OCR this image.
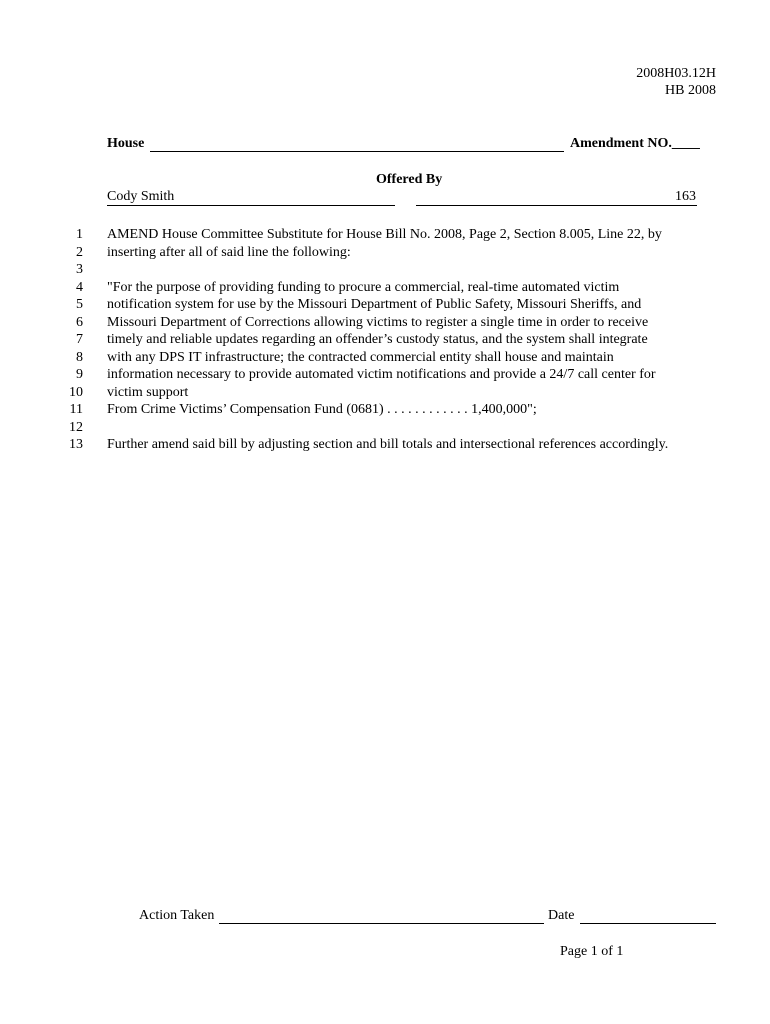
2008H03.12H
HB 2008
House	Amendment NO.____
Offered By
Cody Smith	163
1 AMEND House Committee Substitute for House Bill No. 2008, Page 2, Section 8.005, Line 22, by
2 inserting after all of said line the following:
3
4 "For the purpose of providing funding to procure a commercial, real-time automated victim
5 notification system for use by the Missouri Department of Public Safety, Missouri Sheriffs, and
6 Missouri Department of Corrections allowing victims to register a single time in order to receive
7 timely and reliable updates regarding an offender’s custody status, and the system shall integrate
8 with any DPS IT infrastructure; the contracted commercial entity shall house and maintain
9 information necessary to provide automated victim notifications and provide a 24/7 call center for
10 victim support
11 From Crime Victims’ Compensation Fund (0681) . . . . . . . . . . . . 1,400,000";
12
13 Further amend said bill by adjusting section and bill totals and intersectional references accordingly.
Action Taken	Date
Page 1 of 1
